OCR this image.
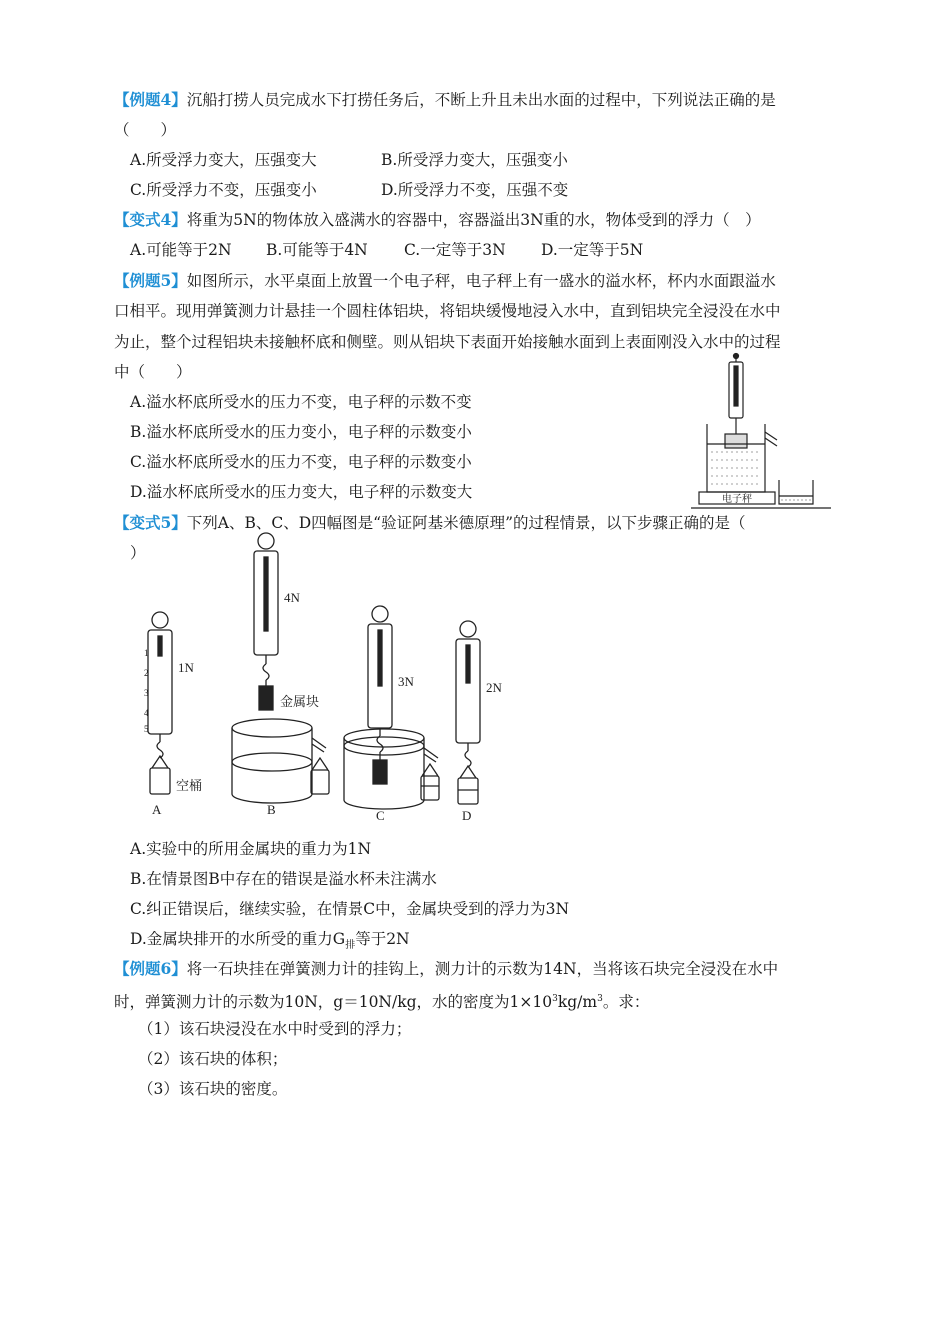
【例题4】沉船打捞人员完成水下打捞任务后，不断上升且未出水面的过程中，下列说法正确的是
（　　）
A.所受浮力变大，压强变大	B.所受浮力变大，压强变小
C.所受浮力不变，压强变小	D.所受浮力不变，压强不变
【变式4】将重为5N的物体放入盛满水的容器中，容器溢出3N重的水，物体受到的浮力（　）
A.可能等于2N B.可能等于4N C.一定等于3N D.一定等于5N
【例题5】如图所示，水平桌面上放置一个电子秤，电子秤上有一盛水的溢水杯，杯内水面跟溢水
口相平。现用弹簧测力计悬挂一个圆柱体铝块，将铝块缓慢地浸入水中，直到铝块完全浸没在水中
为止，整个过程铝块未接触杯底和侧壁。则从铝块下表面开始接触水面到上表面刚没入水中的过程
中（　　）
A.溢水杯底所受水的压力不变，电子秤的示数不变
B.溢水杯底所受水的压力变小，电子秤的示数变小
C.溢水杯底所受水的压力不变，电子秤的示数变小
D.溢水杯底所受水的压力变大，电子秤的示数变大	电子秤
【变式5】下列A、B、C、D四幅图是“验证阿基米德原理”的过程情景，以下步骤正确的是（
）
1
2
3
4
5
1N
空桶
A
4N
金属块
B
3N
C
2N
D
A.实验中的所用金属块的重力为1N
B.在情景图B中存在的错误是溢水杯未注满水
C.纠正错误后，继续实验，在情景C中，金属块受到的浮力为3N
D.金属块排开的水所受的重力$G_排$等于2N
【例题6】将一石块挂在弹簧测力计的挂钩上，测力计的示数为14N，当将该石块完全浸没在水中
时，弹簧测力计的示数为10N，g＝10N/kg，水的密度为$1\times 10^3kg/m^3$。求：
（1）该石块浸没在水中时受到的浮力；
（2）该石块的体积；
（3）该石块的密度。
